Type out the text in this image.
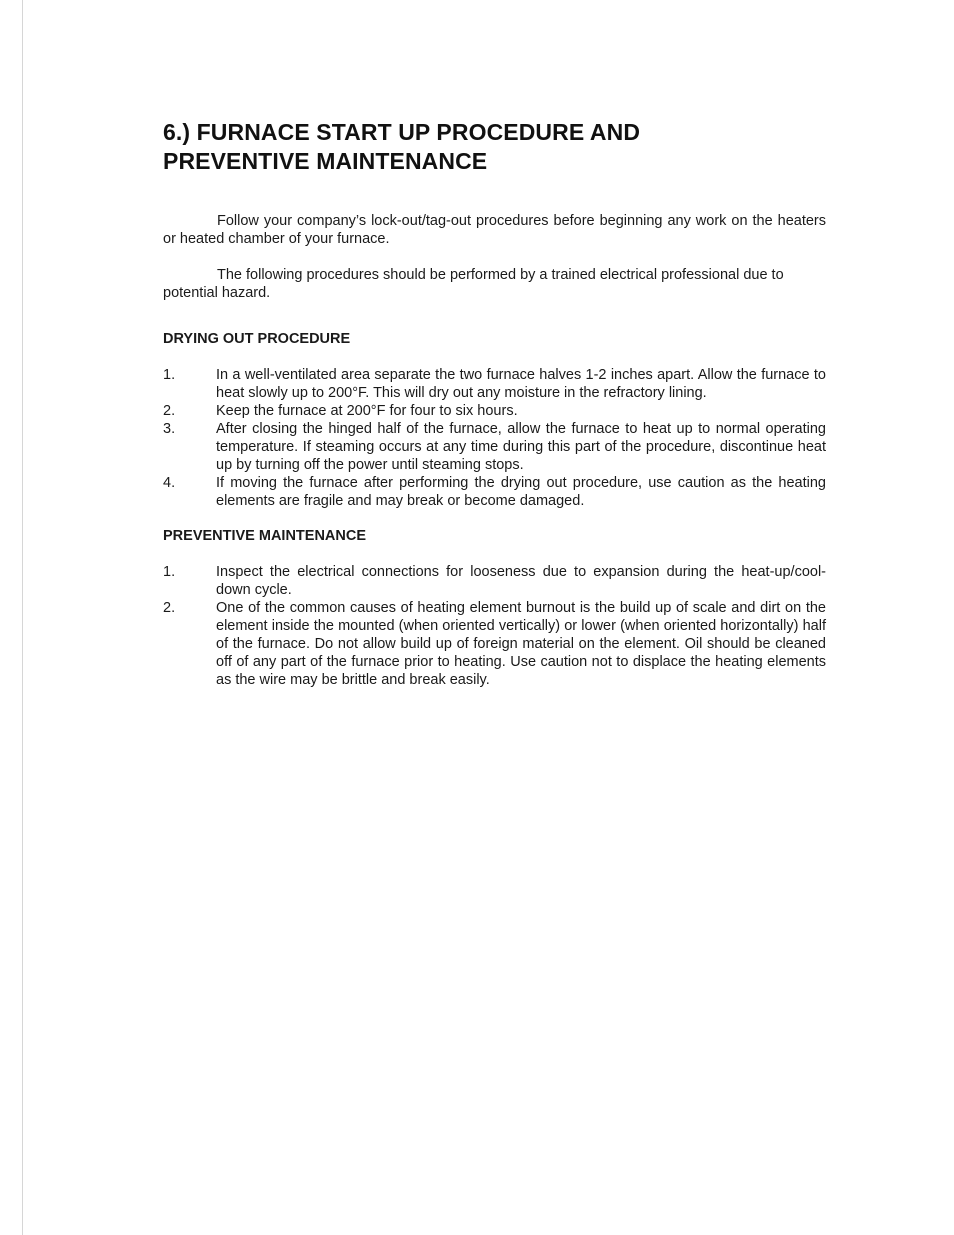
6.) FURNACE START UP PROCEDURE AND
PREVENTIVE MAINTENANCE

Follow your company’s lock-out/tag-out procedures before beginning any work on the heaters or heated chamber of your furnace.

The following procedures should be performed by a trained electrical professional due to potential hazard.

DRYING OUT PROCEDURE
1.	In a well-ventilated area separate the two furnace halves 1-2 inches apart. Allow the furnace to heat slowly up to 200°F. This will dry out any moisture in the refractory lining.
2.	Keep the furnace at 200°F for four to six hours.
3.	After closing the hinged half of the furnace, allow the furnace to heat up to normal operating temperature. If steaming occurs at any time during this part of the procedure, discontinue heat up by turning off the power until steaming stops.
4.	If moving the furnace after performing the drying out procedure, use caution as the heating elements are fragile and may break or become damaged.
PREVENTIVE MAINTENANCE
1.	Inspect the electrical connections for looseness due to expansion during the heat-up/cool-down cycle.
2.	One of the common causes of heating element burnout is the build up of scale and dirt on the element inside the mounted (when oriented vertically) or lower (when oriented horizontally) half of the furnace. Do not allow build up of foreign material on the element. Oil should be cleaned off of any part of the furnace prior to heating. Use caution not to displace the heating elements as the wire may be brittle and break easily.
